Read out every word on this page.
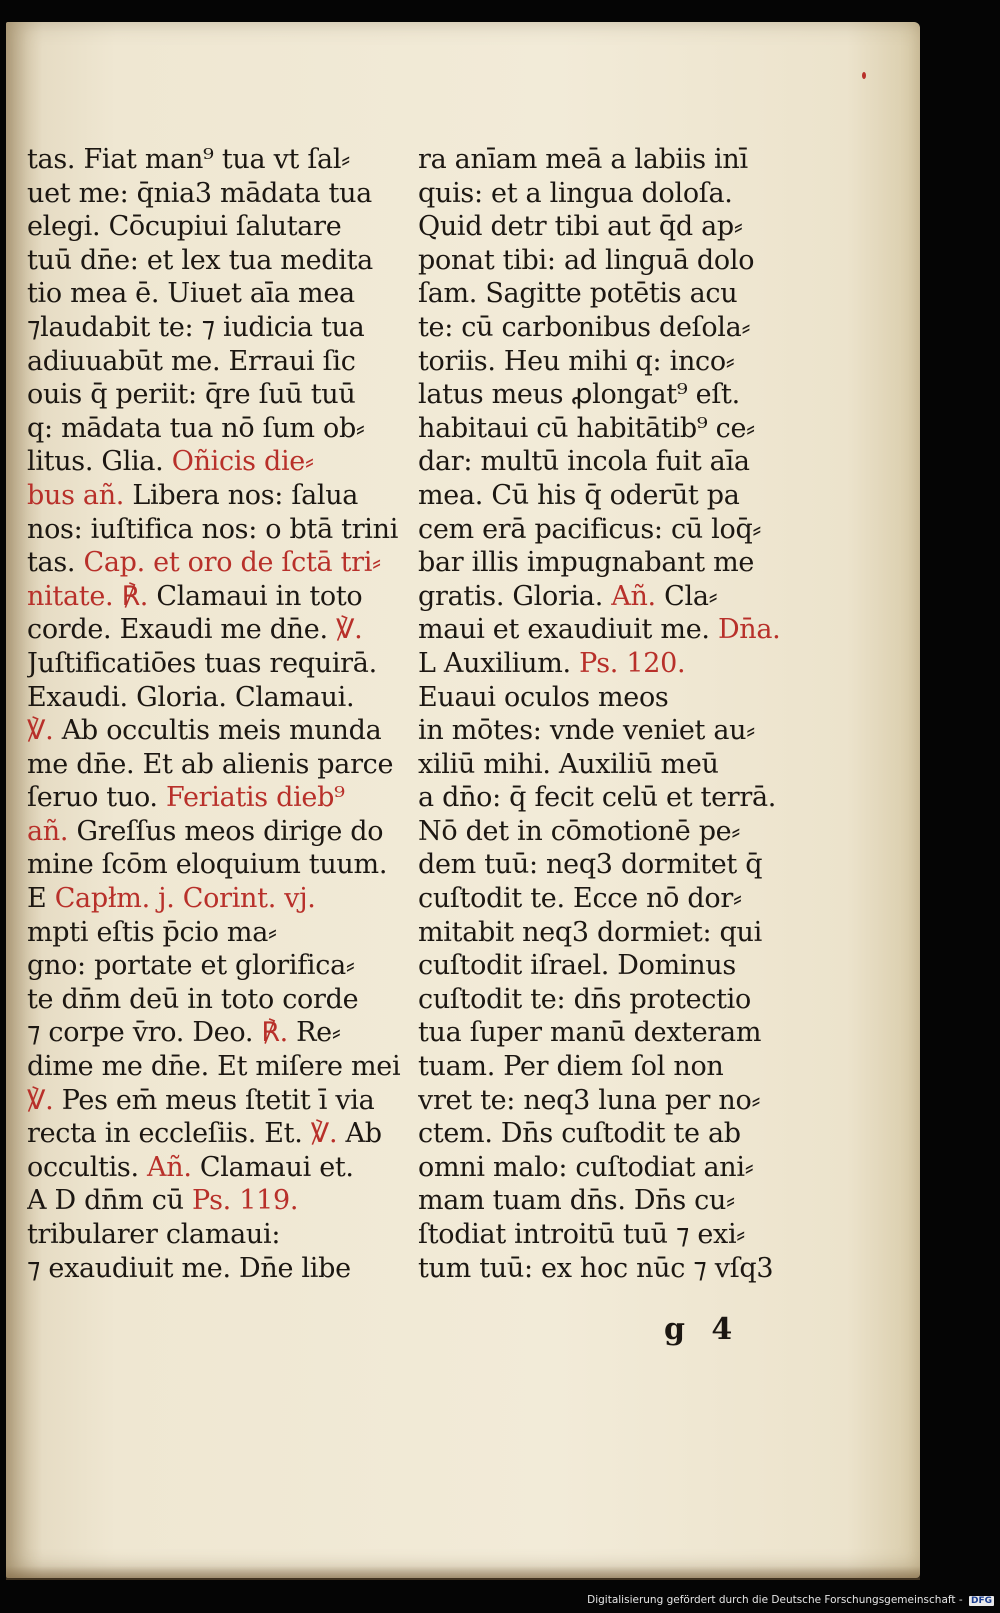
tas. Fiat man⁹ tua vt ſal⸗
uet me: q̄nia3 mādata tua
elegi. Cōcupiui ſalutare
tuū dn̄e: et lex tua medita
tio mea ē. Uiuet aīa mea
⁊laudabit te: ⁊ iudicia tua
adiuuabūt me. Erraui ſic
ouis q̄ periit: q̄re ſuū tuū
q: mādata tua nō ſum ob⸗
litus. Glia. Oñicis die⸗
bus añ. Libera nos: ſalua
nos: iuſtifica nos: o btā trini
tas. Cap. et oro de ſctā tri⸗
nitate. ℟. Clamaui in toto
corde. Exaudi me dn̄e. ℣.
Juſtificatiōes tuas requirā.
Exaudi. Gloria. Clamaui.
℣. Ab occultis meis munda
me dn̄e. Et ab alienis parce
ſeruo tuo. Feriatis dieb⁹
añ. Greſſus meos dirige do
mine ſcōm eloquium tuum.
E Capłm. j. Corint. vj.
mpti eſtis p̄cio ma⸗
gno: portate et glorifica⸗
te dn̄m deū in toto corde
⁊ corpe v̄ro. Deo. ℟. Re⸗
dime me dn̄e. Et miſere mei
℣. Pes em̄ meus ſtetit ī via
recta in eccleſiis. Et. ℣. Ab
occultis. Añ. Clamaui et.
A D dn̄m cū Ps. 119.
tribularer clamaui:
⁊ exaudiuit me. Dn̄e libe
ra anīam meā a labiis inī
quis: et a lingua doloſa.
Quid detr tibi aut q̄d ap⸗
ponat tibi: ad linguā dolo
ſam. Sagitte potētis acu
te: cū carbonibus deſola⸗
toriis. Heu mihi q: inco⸗
latus meus ꝓlongat⁹ eſt.
habitaui cū habitātib⁹ ce⸗
dar: multū incola fuit aīa
mea. Cū his q̄ oderūt pa
cem erā pacificus: cū loq̄⸗
bar illis impugnabant me
gratis. Gloria. Añ. Cla⸗
maui et exaudiuit me. Dn̄a.
L Auxilium. Ps. 120.
Euaui oculos meos
in mōtes: vnde veniet au⸗
xiliū mihi. Auxiliū meū
a dn̄o: q̄ fecit celū et terrā.
Nō det in cōmotionē pe⸗
dem tuū: neq3 dormitet q̄
cuſtodit te. Ecce nō dor⸗
mitabit neq3 dormiet: qui
cuſtodit iſrael. Dominus
cuſtodit te: dn̄s protectio
tua ſuper manū dexteram
tuam. Per diem ſol non
vret te: neq3 luna per no⸗
ctem. Dn̄s cuſtodit te ab
omni malo: cuſtodiat ani⸗
mam tuam dn̄s. Dn̄s cu⸗
ſtodiat introitū tuū ⁊ exi⸗
tum tuū: ex hoc nūc ⁊ vſq3
g 4
Digitalisierung gefördert durch die Deutsche Forschungsgemeinschaft - DFG
